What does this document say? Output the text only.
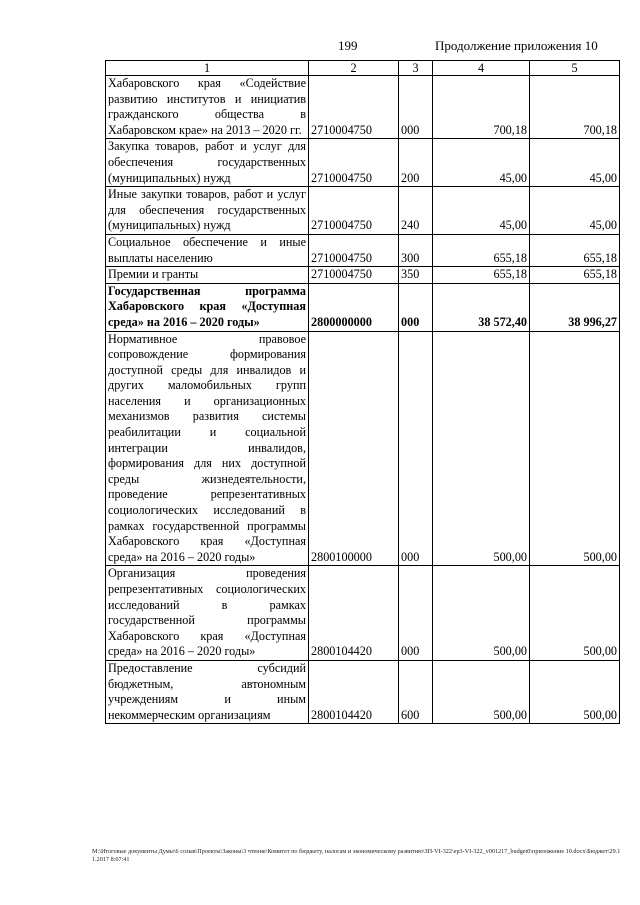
199	Продолжение приложения 10
1	2	3	4	5
Хабаровского края «Содействие развитию институтов и инициатив гражданского общества в Хабаровском крае» на 2013 – 2020 гг.	2710004750	000	700,18	700,18
Закупка товаров, работ и услуг для обеспечения государственных (муниципальных) нужд	2710004750	200	45,00	45,00
Иные закупки товаров, работ и услуг для обеспечения государственных (муниципальных) нужд	2710004750	240	45,00	45,00
Социальное обеспечение и иные выплаты населению	2710004750	300	655,18	655,18
Премии и гранты	2710004750	350	655,18	655,18
Государственная программа Хабаровского края «Доступная среда» на 2016 – 2020 годы»	2800000000	000	38 572,40	38 996,27
Нормативное правовое сопровождение формирования доступной среды для инвалидов и других маломобильных групп населения и организационных механизмов развития системы реабилитации и социальной интеграции инвалидов, формирования для них доступной среды жизнедеятельности, проведение репрезентативных социологических исследований в рамках государственной программы Хабаровского края «Доступная среда» на 2016 – 2020 годы»	2800100000	000	500,00	500,00
Организация проведения репрезентативных социологических исследований в рамках государственной программы Хабаровского края «Доступная среда» на 2016 – 2020 годы»	2800104420	000	500,00	500,00
Предоставление субсидий бюджетным, автономным учреждениям и иным некоммерческим организациям	2800104420	600	500,00	500,00
M:\Итоговые документы Думы\6 созыв\Проекты\Законы\3 чтение\Комитет по бюджету, налогам и экономическому развитию\ЗП-VI-322\ер3-VI-322_v001217_budget0\приложение 10.docx\Бюджет\29.11.2017 8:07:41
